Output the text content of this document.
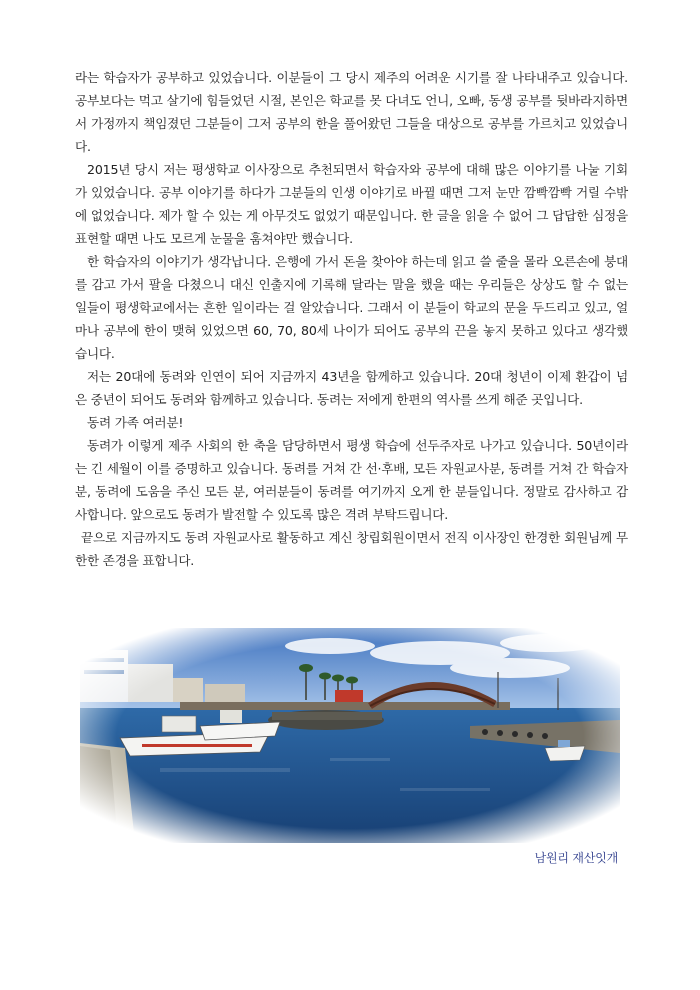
라는 학습자가 공부하고 있었습니다. 이분들이 그 당시 제주의 어려운 시기를 잘 나타내주고 있습니다. 공부보다는 먹고 살기에 힘들었던 시절, 본인은 학교를 못 다녀도 언니, 오빠, 동생 공부를 뒷바라지하면서 가정까지 책임졌던 그분들이 그저 공부의 한을 풀어왔던 그들을 대상으로 공부를 가르치고 있었습니다.

2015년 당시 저는 평생학교 이사장으로 추천되면서 학습자와 공부에 대해 많은 이야기를 나눌 기회가 있었습니다. 공부 이야기를 하다가 그분들의 인생 이야기로 바뀔 때면 그저 눈만 깜빡깜빡 거릴 수밖에 없었습니다. 제가 할 수 있는 게 아무것도 없었기 때문입니다. 한 글을 읽을 수 없어 그 답답한 심정을 표현할 때면 나도 모르게 눈물을 훔쳐야만 했습니다.

한 학습자의 이야기가 생각납니다. 은행에 가서 돈을 찾아야 하는데 읽고 쓸 줄을 몰라 오른손에 붕대를 감고 가서 팔을 다쳤으니 대신 인출지에 기록해 달라는 말을 했을 때는 우리들은 상상도 할 수 없는 일들이 평생학교에서는 흔한 일이라는 걸 알았습니다. 그래서 이 분들이 학교의 문을 두드리고 있고, 얼마나 공부에 한이 맺혀 있었으면 60, 70, 80세 나이가 되어도 공부의 끈을 놓지 못하고 있다고 생각했습니다.

저는 20대에 동려와 인연이 되어 지금까지 43년을 함께하고 있습니다. 20대 청년이 이제 환갑이 넘은 중년이 되어도 동려와 함께하고 있습니다. 동려는 저에게 한편의 역사를 쓰게 해준 곳입니다.

동려 가족 여러분!

동려가 이렇게 제주 사회의 한 축을 담당하면서 평생 학습에 선두주자로 나가고 있습니다. 50년이라는 긴 세월이 이를 증명하고 있습니다. 동려를 거쳐 간 선·후배, 모든 자원교사분, 동려를 거쳐 간 학습자분, 동려에 도움을 주신 모든 분, 여러분들이 동려를 여기까지 오게 한 분들입니다. 정말로 감사하고 감사합니다. 앞으로도 동려가 발전할 수 있도록 많은 격려 부탁드립니다.

끝으로 지금까지도 동려 자원교사로 활동하고 계신 창립회원이면서 전직 이사장인 한경한 회원님께 무한한 존경을 표합니다.

남원리 재산잇개
